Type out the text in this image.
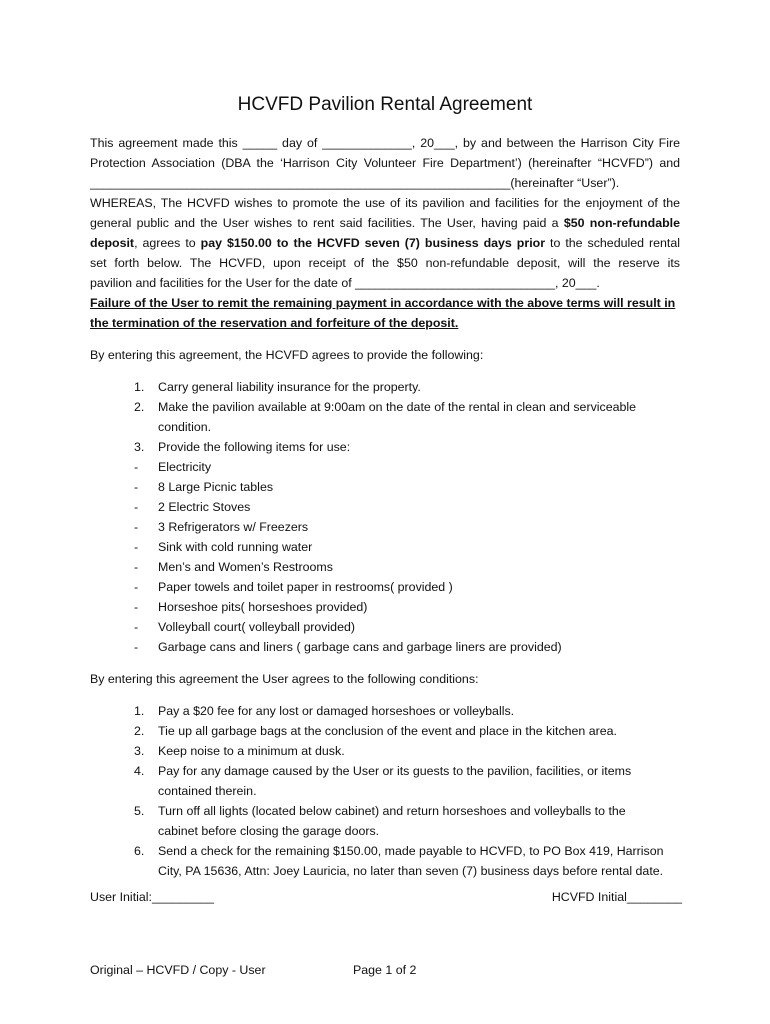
HCVFD Pavilion Rental Agreement
This agreement made this _____ day of _____________, 20___, by and between the Harrison City Fire
Protection Association (DBA the ‘Harrison City Volunteer Fire Department’) (hereinafter “HCVFD”) and
_____________________________________________________________(hereinafter “User”).
WHEREAS, The HCVFD wishes to promote the use of its pavilion and facilities for the enjoyment of the
general public and the User wishes to rent said facilities. The User, having paid a $50 non-refundable
deposit, agrees to pay $150.00 to the HCVFD seven (7) business days prior to the scheduled rental
set forth below. The HCVFD, upon receipt of the $50 non-refundable deposit, will the reserve its
pavilion and facilities for the User for the date of _____________________________, 20___.
Failure of the User to remit the remaining payment in accordance with the above terms will result in
the termination of the reservation and forfeiture of the deposit.
By entering this agreement, the HCVFD agrees to provide the following:
1. Carry general liability insurance for the property.
2. Make the pavilion available at 9:00am on the date of the rental in clean and serviceable
condition.
3. Provide the following items for use:
- Electricity
- 8 Large Picnic tables
- 2 Electric Stoves
- 3 Refrigerators w/ Freezers
- Sink with cold running water
- Men’s and Women’s Restrooms
- Paper towels and toilet paper in restrooms( provided )
- Horseshoe pits( horseshoes provided)
- Volleyball court( volleyball provided)
- Garbage cans and liners ( garbage cans and garbage liners are provided)
By entering this agreement the User agrees to the following conditions:
1. Pay a $20 fee for any lost or damaged horseshoes or volleyballs.
2. Tie up all garbage bags at the conclusion of the event and place in the kitchen area.
3. Keep noise to a minimum at dusk.
4. Pay for any damage caused by the User or its guests to the pavilion, facilities, or items
contained therein.
5. Turn off all lights (located below cabinet) and return horseshoes and volleyballs to the
cabinet before closing the garage doors.
6. Send a check for the remaining $150.00, made payable to HCVFD, to PO Box 419, Harrison
City, PA 15636, Attn: Joey Lauricia, no later than seven (7) business days before rental date.
User Initial:_________	HCVFD Initial________
Original – HCVFD / Copy - User	Page 1 of 2
